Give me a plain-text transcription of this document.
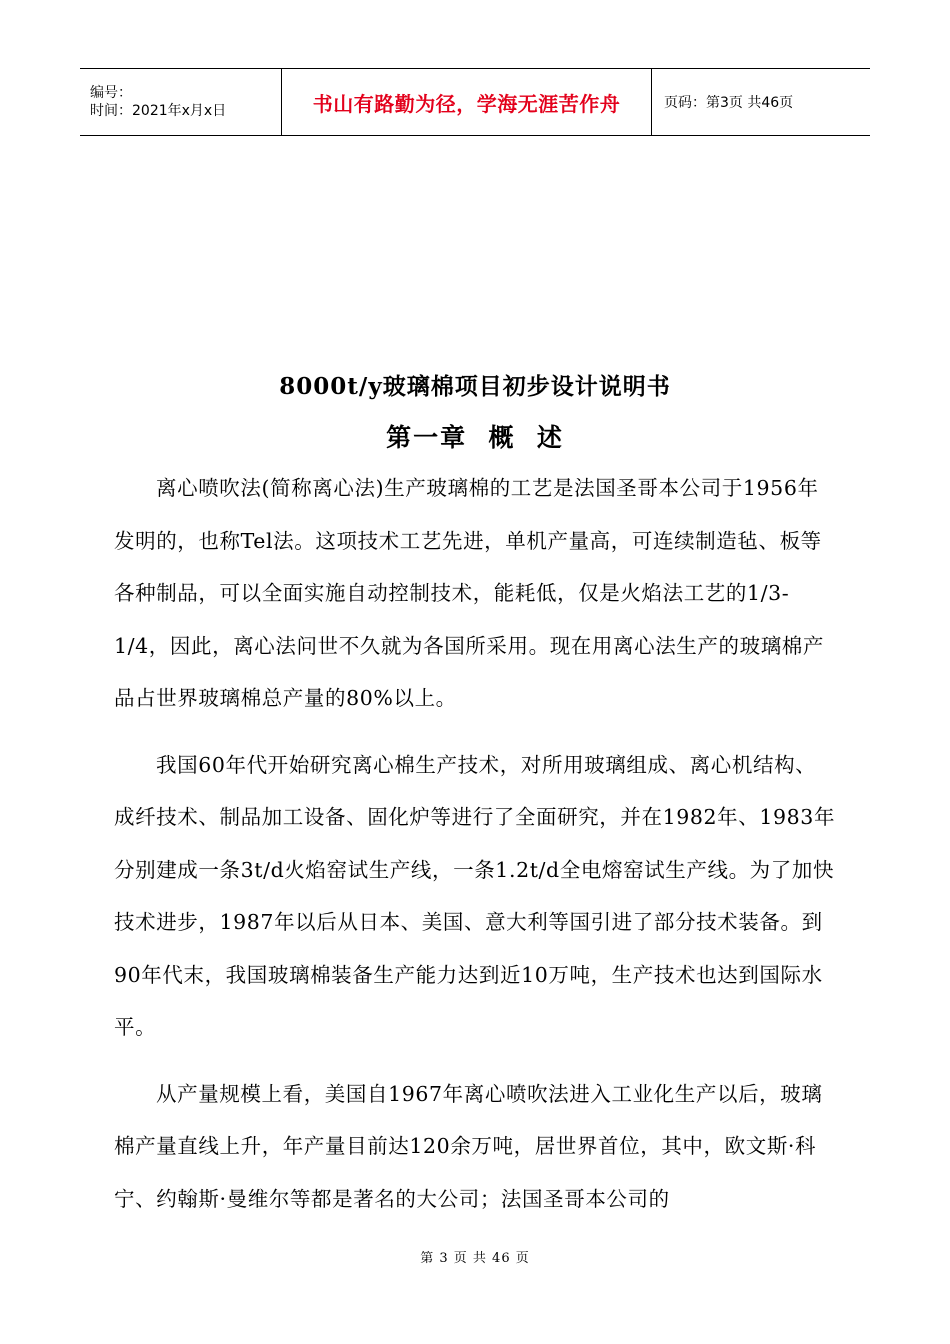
编号：
时间：2021年x月x日	书山有路勤为径，学海无涯苦作舟	页码：第3页 共46页
8000t/y玻璃棉项目初步设计说明书
第一章  概  述

离心喷吹法(简称离心法)生产玻璃棉的工艺是法国圣哥本公司于1956年发明的，也称Tel法。这项技术工艺先进，单机产量高，可连续制造毡、板等各种制品，可以全面实施自动控制技术，能耗低，仅是火焰法工艺的1/3-1/4，因此，离心法问世不久就为各国所采用。现在用离心法生产的玻璃棉产品占世界玻璃棉总产量的80%以上。

我国60年代开始研究离心棉生产技术，对所用玻璃组成、离心机结构、成纤技术、制品加工设备、固化炉等进行了全面研究，并在1982年、1983年分别建成一条3t/d火焰窑试生产线，一条1.2t/d全电熔窑试生产线。为了加快技术进步，1987年以后从日本、美国、意大利等国引进了部分技术装备。到90年代末，我国玻璃棉装备生产能力达到近10万吨，生产技术也达到国际水平。

从产量规模上看，美国自1967年离心喷吹法进入工业化生产以后，玻璃棉产量直线上升，年产量目前达120余万吨，居世界首位，其中，欧文斯·科宁、约翰斯·曼维尔等都是著名的大公司；法国圣哥本公司的

第 3 页 共 46 页
